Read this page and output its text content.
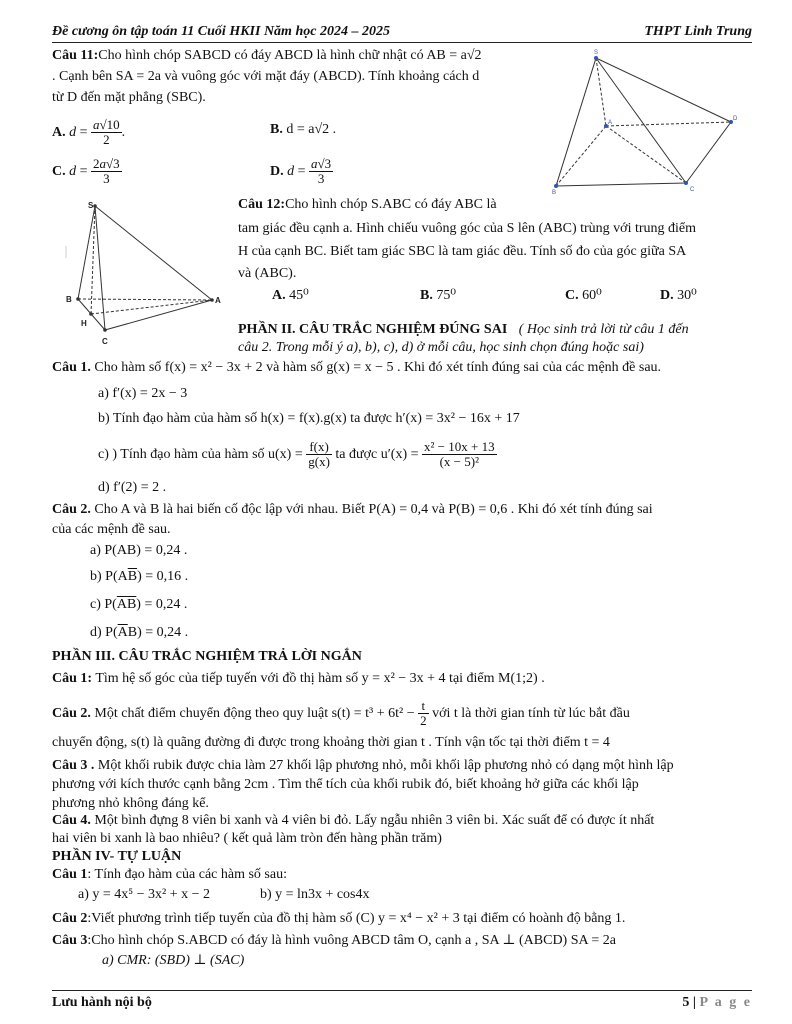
Đề cương ôn tập toán 11 Cuối HKII Năm học 2024 – 2025	THPT Linh Trung
Câu 11:Cho hình chóp SABCD có đáy ABCD là hình chữ nhật có AB = a√2
. Cạnh bên SA = 2a và vuông góc với mặt đáy (ABCD). Tính khoảng cách d
từ D đến mặt phẳng (SBC).
A. $d = \frac{a√10}{2}$ .	B. d = a√2 .
C. $d = \frac{2a√3}{3}$	D. $d = \frac{a√3}{3}$
S
A
B	C
D
S
B	A
H
C
Câu 12:Cho hình chóp S.ABC có đáy ABC là
tam giác đều cạnh a. Hình chiếu vuông góc của S lên (ABC) trùng với trung điểm
H của cạnh BC. Biết tam giác SBC là tam giác đều. Tính số đo của góc giữa SA
và (ABC).
A. 45⁰	B. 75⁰	C. 60⁰	D. 30⁰
PHẦN II. CÂU TRẮC NGHIỆM ĐÚNG SAI ( Học sinh trả lời từ câu 1 đến
câu 2. Trong mỗi ý a), b), c), d) ở mỗi câu, học sinh chọn đúng hoặc sai)
Câu 1. Cho hàm số f(x) = x² − 3x + 2 và hàm số g(x) = x − 5 . Khi đó xét tính đúng sai của các mệnh đề sau.
a) f′(x) = 2x − 3
b) Tính đạo hàm của hàm số h(x) = f(x).g(x) ta được h′(x) = 3x² − 16x + 17
c) ) Tính đạo hàm của hàm số $u(x) = \frac{f(x)}{g(x)}$ ta được $u'(x) = \frac{\text{x² − 10x + 13}}{\text{(x − 5)²}}$
d) f′(2) = 2 .
Câu 2. Cho A và B là hai biến cố độc lập với nhau. Biết P(A) = 0,4 và P(B) = 0,6 . Khi đó xét tính đúng sai
của các mệnh đề sau.
a) P(AB) = 0,24 .
b) $P(A\overline{B}) = 0,16$ .
c) $P(\overline{A}\overline{B}) = 0,24$ .
d) $P(\overline{A}B) = 0,24$ .
PHẦN III. CÂU TRẮC NGHIỆM TRẢ LỜI NGẮN
Câu 1: Tìm hệ số góc của tiếp tuyến với đồ thị hàm số y = x² − 3x + 4 tại điểm M(1;2) .
Câu 2. Một chất điểm chuyển động theo quy luật $s(t) = t^3 + 6t^2 - \frac{t}{2}$ với t là thời gian tính từ lúc bắt đầu
chuyển động, s(t) là quãng đường đi được trong khoảng thời gian t . Tính vận tốc tại thời điểm t = 4
Câu 3 . Một khối rubik được chia làm 27 khối lập phương nhỏ, mỗi khối lập phương nhỏ có dạng một hình lập
phương với kích thước cạnh bằng 2cm . Tìm thể tích của khối rubik đó, biết khoảng hở giữa các khối lập
phương nhỏ không đáng kể.
Câu 4. Một bình đựng 8 viên bi xanh và 4 viên bi đỏ. Lấy ngẫu nhiên 3 viên bi. Xác suất để có được ít nhất
hai viên bi xanh là bao nhiêu? ( kết quả làm tròn đến hàng phần trăm)
PHẦN IV- TỰ LUẬN
Câu 1: Tính đạo hàm của các hàm số sau:
a) y = 4x⁵ − 3x² + x − 2	b) y = ln3x + cos4x
Câu 2:Viết phương trình tiếp tuyến của đồ thị hàm số (C) y = x⁴ − x² + 3 tại điểm có hoành độ bằng 1.
Câu 3:Cho hình chóp S.ABCD có đáy là hình vuông ABCD tâm O, cạnh a , SA ⊥ (ABCD) SA = 2a
a) CMR: (SBD) ⊥ (SAC)
Lưu hành nội bộ	5 | P a g e
